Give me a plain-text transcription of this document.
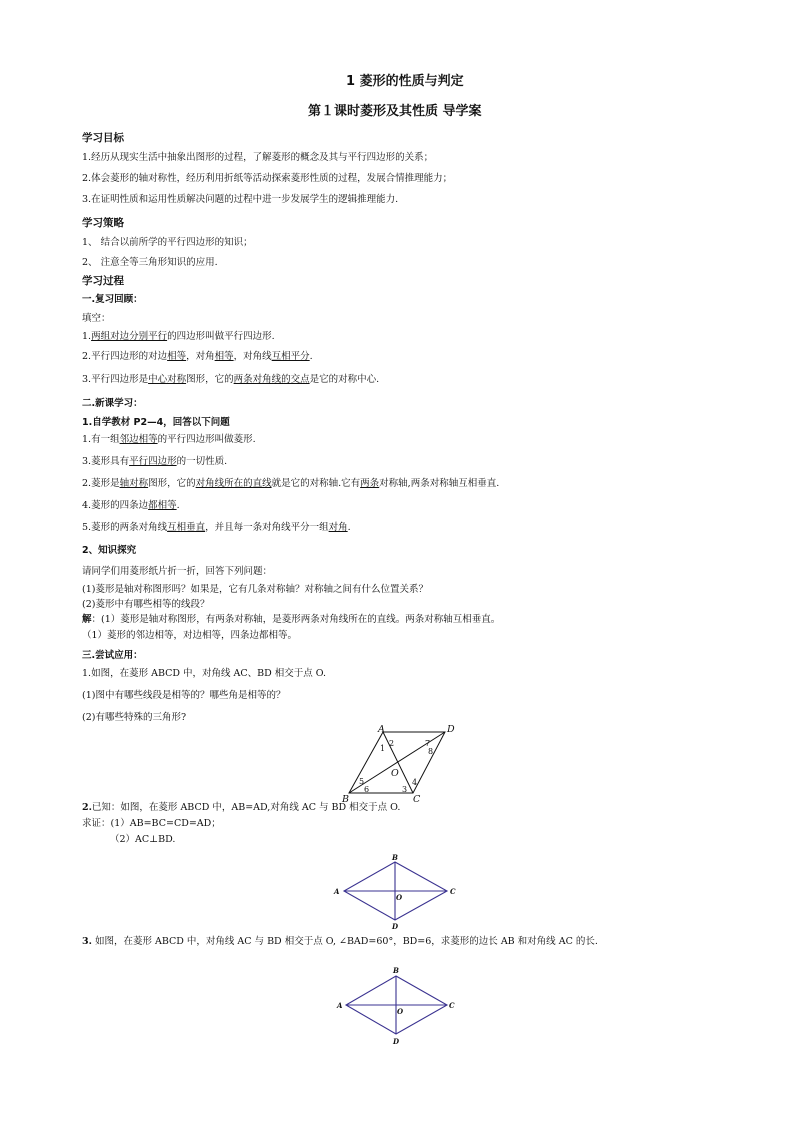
1 菱形的性质与判定
第１课时菱形及其性质 导学案
学习目标
1.经历从现实生活中抽象出图形的过程，了解菱形的概念及其与平行四边形的关系；
2.体会菱形的轴对称性，经历利用折纸等活动探索菱形性质的过程，发展合情推理能力；
3.在证明性质和运用性质解决问题的过程中进一步发展学生的逻辑推理能力.
学习策略
1、 结合以前所学的平行四边形的知识；
2、 注意全等三角形知识的应用.
学习过程
一.复习回顾：
填空：
1.两组对边分别平行的四边形叫做平行四边形.
2.平行四边形的对边相等，对角相等，对角线互相平分.
3.平行四边形是中心对称图形，它的两条对角线的交点是它的对称中心.
二.新课学习：
1.自学教材 P2—4，回答以下问题
1.有一组邻边相等的平行四边形叫做菱形.
3.菱形具有平行四边形的一切性质.
2.菱形是轴对称图形，它的对角线所在的直线就是它的对称轴.它有两条对称轴,两条对称轴互相垂直.
4.菱形的四条边都相等.
5.菱形的两条对角线互相垂直，并且每一条对角线平分一组对角.
2、知识探究
请同学们用菱形纸片折一折，回答下列问题：
(1)菱形是轴对称图形吗？如果是，它有几条对称轴？对称轴之间有什么位置关系？
(2)菱形中有哪些相等的线段？
解：(1）菱形是轴对称图形，有两条对称轴，是菱形两条对角线所在的直线。两条对称轴互相垂直。
（1）菱形的邻边相等，对边相等，四条边都相等。
三.尝试应用：
1.如图，在菱形 ABCD 中，对角线 AC、BD 相交于点 O.
(1)图中有哪些线段是相等的？哪些角是相等的？
(2)有哪些特殊的三角形?
A	D
B	C
O
1
2
3
4
5
6
7
8
2.已知：如图，在菱形 ABCD 中，AB=AD,对角线 AC 与 BD 相交于点 O.
求证：(1）AB=BC=CD=AD；
（2）AC⊥BD.
B
A	C
D
O
3. 如图，在菱形 ABCD 中，对角线 AC 与 BD 相交于点 O, ∠BAD=60°，BD=6，求菱形的边长 AB 和对角线 AC 的长.
B
A	C
D
O
